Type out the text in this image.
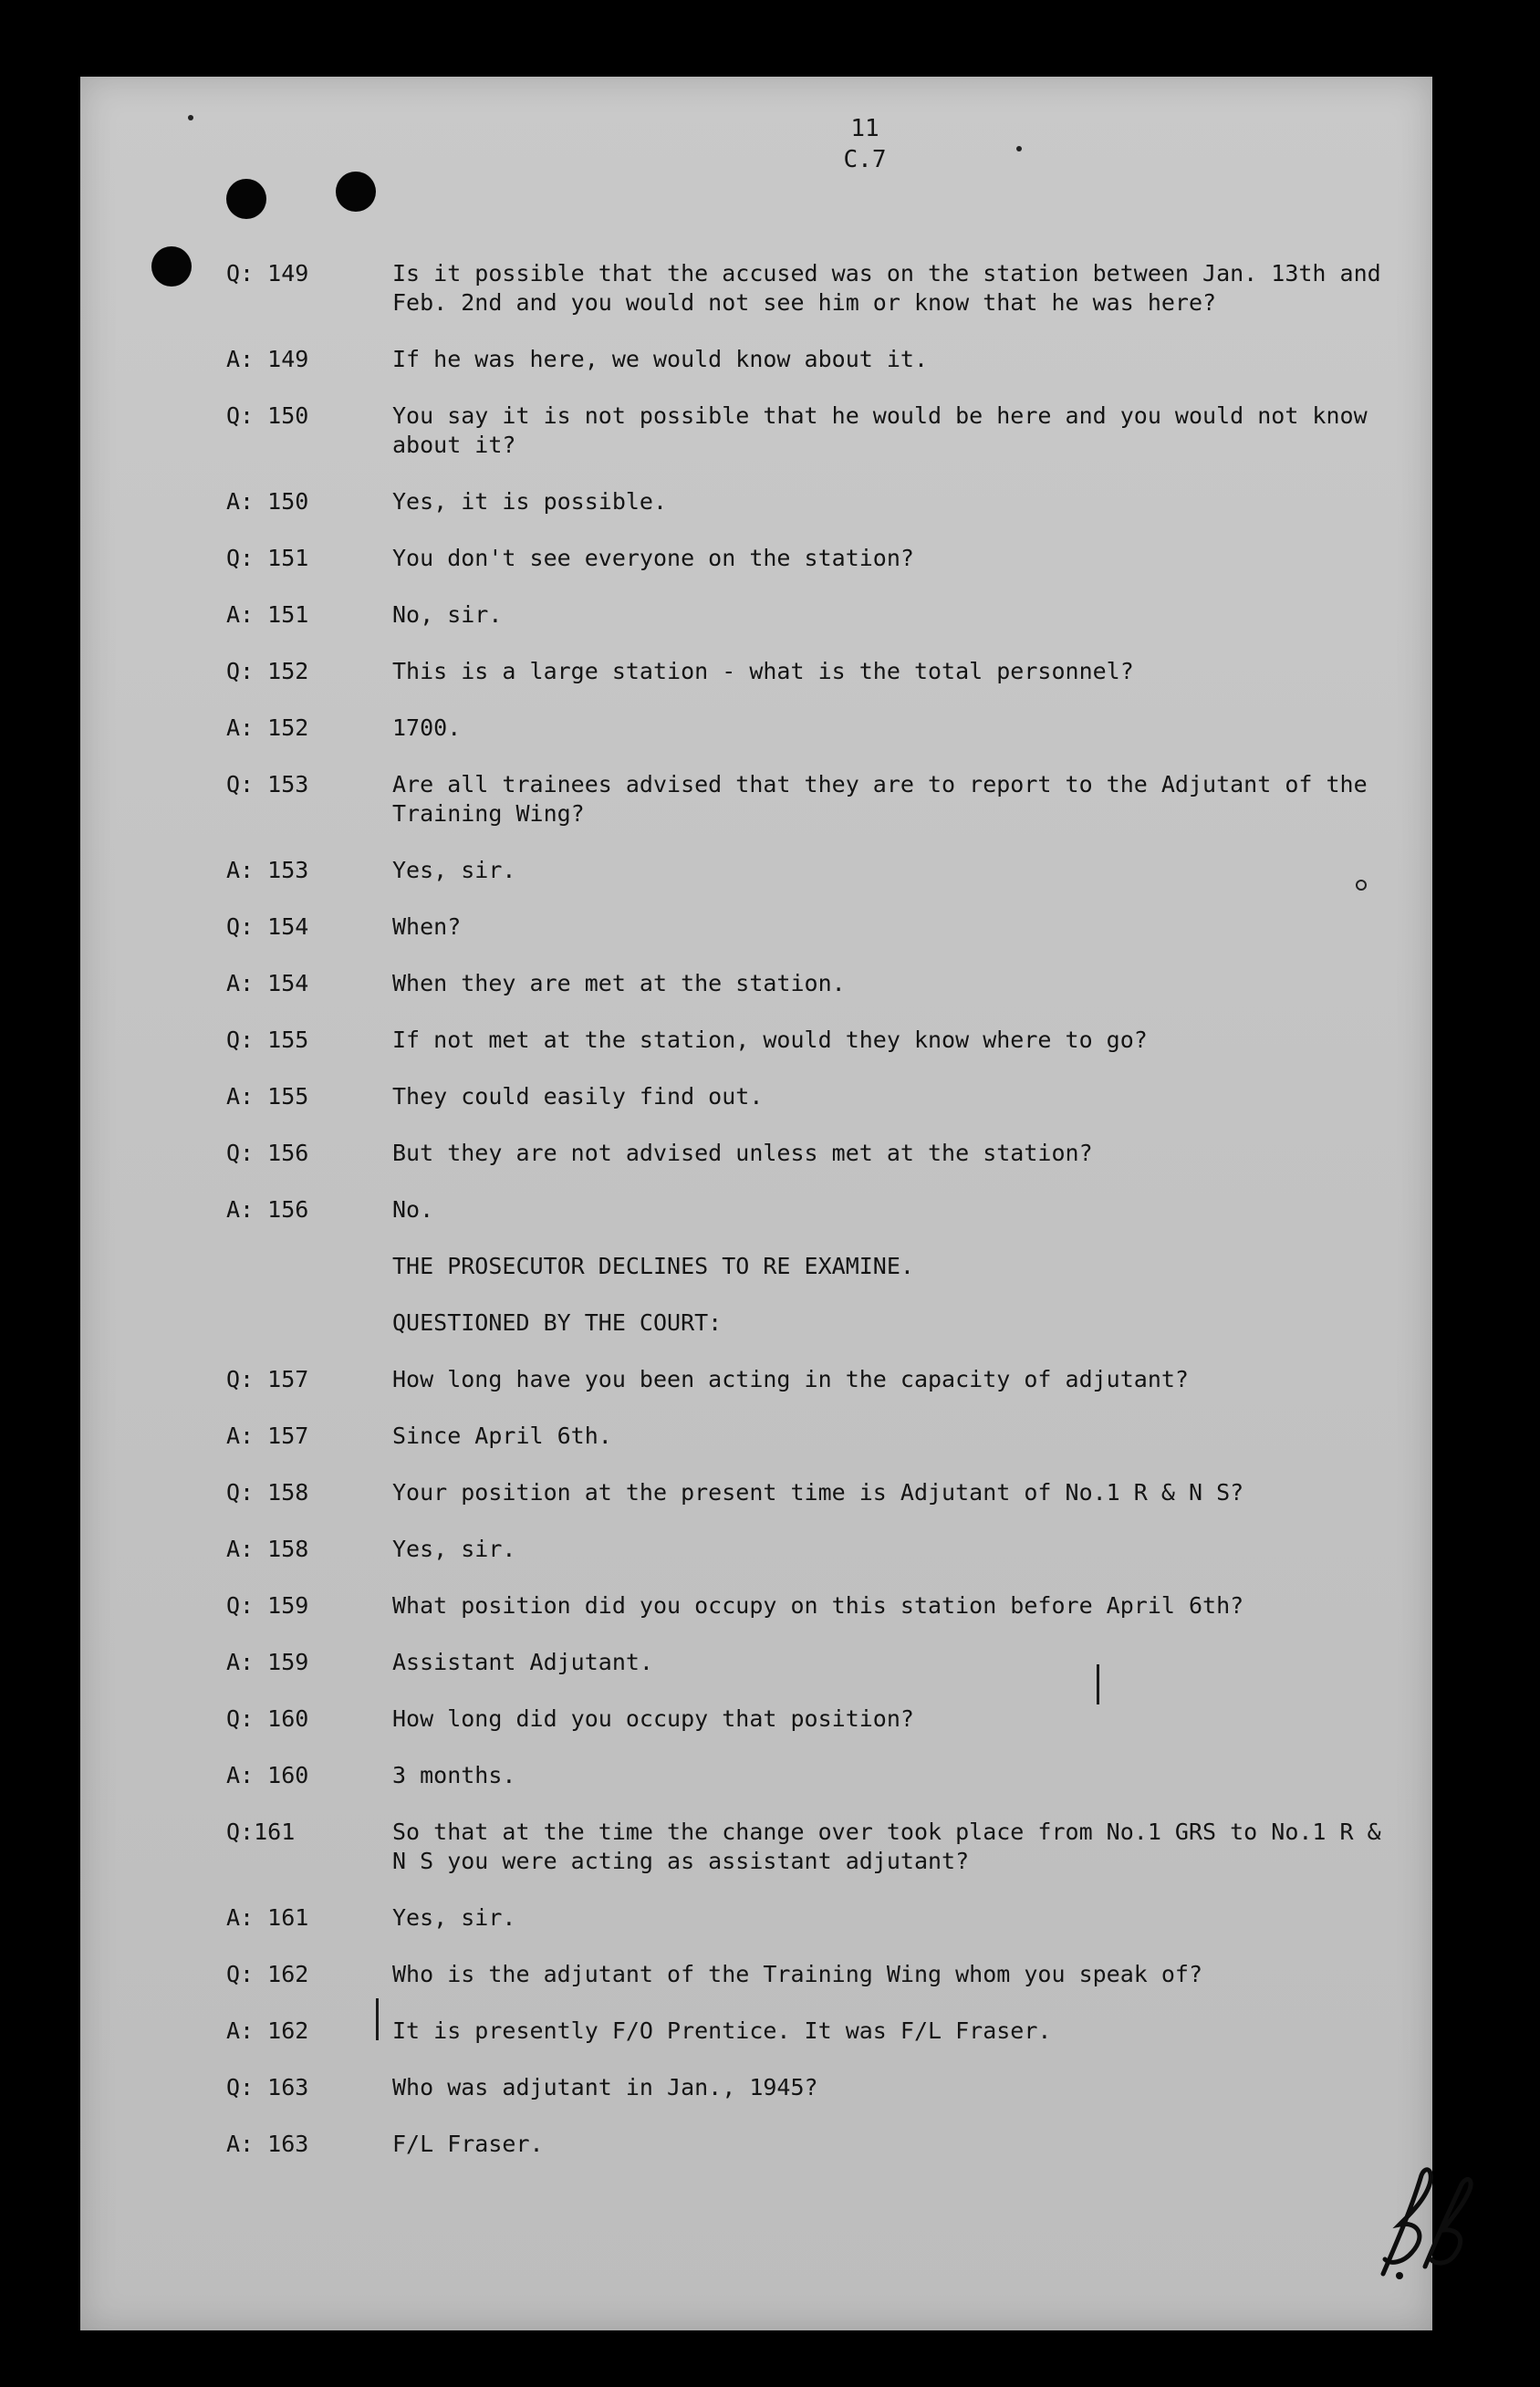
11
C.7
Q: 149	Is it possible that the accused was on the station between Jan. 13th and Feb. 2nd and you would not see him or know that he was here?
A: 149	If he was here, we would know about it.
Q: 150	You say it is not possible that he would be here and you would not know about it?
A: 150	Yes, it is possible.
Q: 151	You don't see everyone on the station?
A: 151	No, sir.
Q: 152	This is a large station - what is the total personnel?
A: 152	1700.
Q: 153	Are all trainees advised that they are to report to the Adjutant of the Training Wing?
A: 153	Yes, sir.
Q: 154	When?
A: 154	When they are met at the station.
Q: 155	If not met at the station, would they know where to go?
A: 155	They could easily find out.
Q: 156	But they are not advised unless met at the station?
A: 156	No.
THE PROSECUTOR DECLINES TO RE EXAMINE.
QUESTIONED BY THE COURT:
Q: 157	How long have you been acting in the capacity of adjutant?
A: 157	Since April 6th.
Q: 158	Your position at the present time is Adjutant of No.1 R & N S?
A: 158	Yes, sir.
Q: 159	What position did you occupy on this station before April 6th?
A: 159	Assistant Adjutant.
Q: 160	How long did you occupy that position?
A: 160	3 months.
Q:161	So that at the time the change over took place from No.1 GRS to No.1 R & N S you were acting as assistant adjutant?
A: 161	Yes, sir.
Q: 162	Who is the adjutant of the Training Wing whom you speak of?
A: 162	It is presently F/O Prentice. It was F/L Fraser.
Q: 163	Who was adjutant in Jan., 1945?
A: 163	F/L Fraser.
